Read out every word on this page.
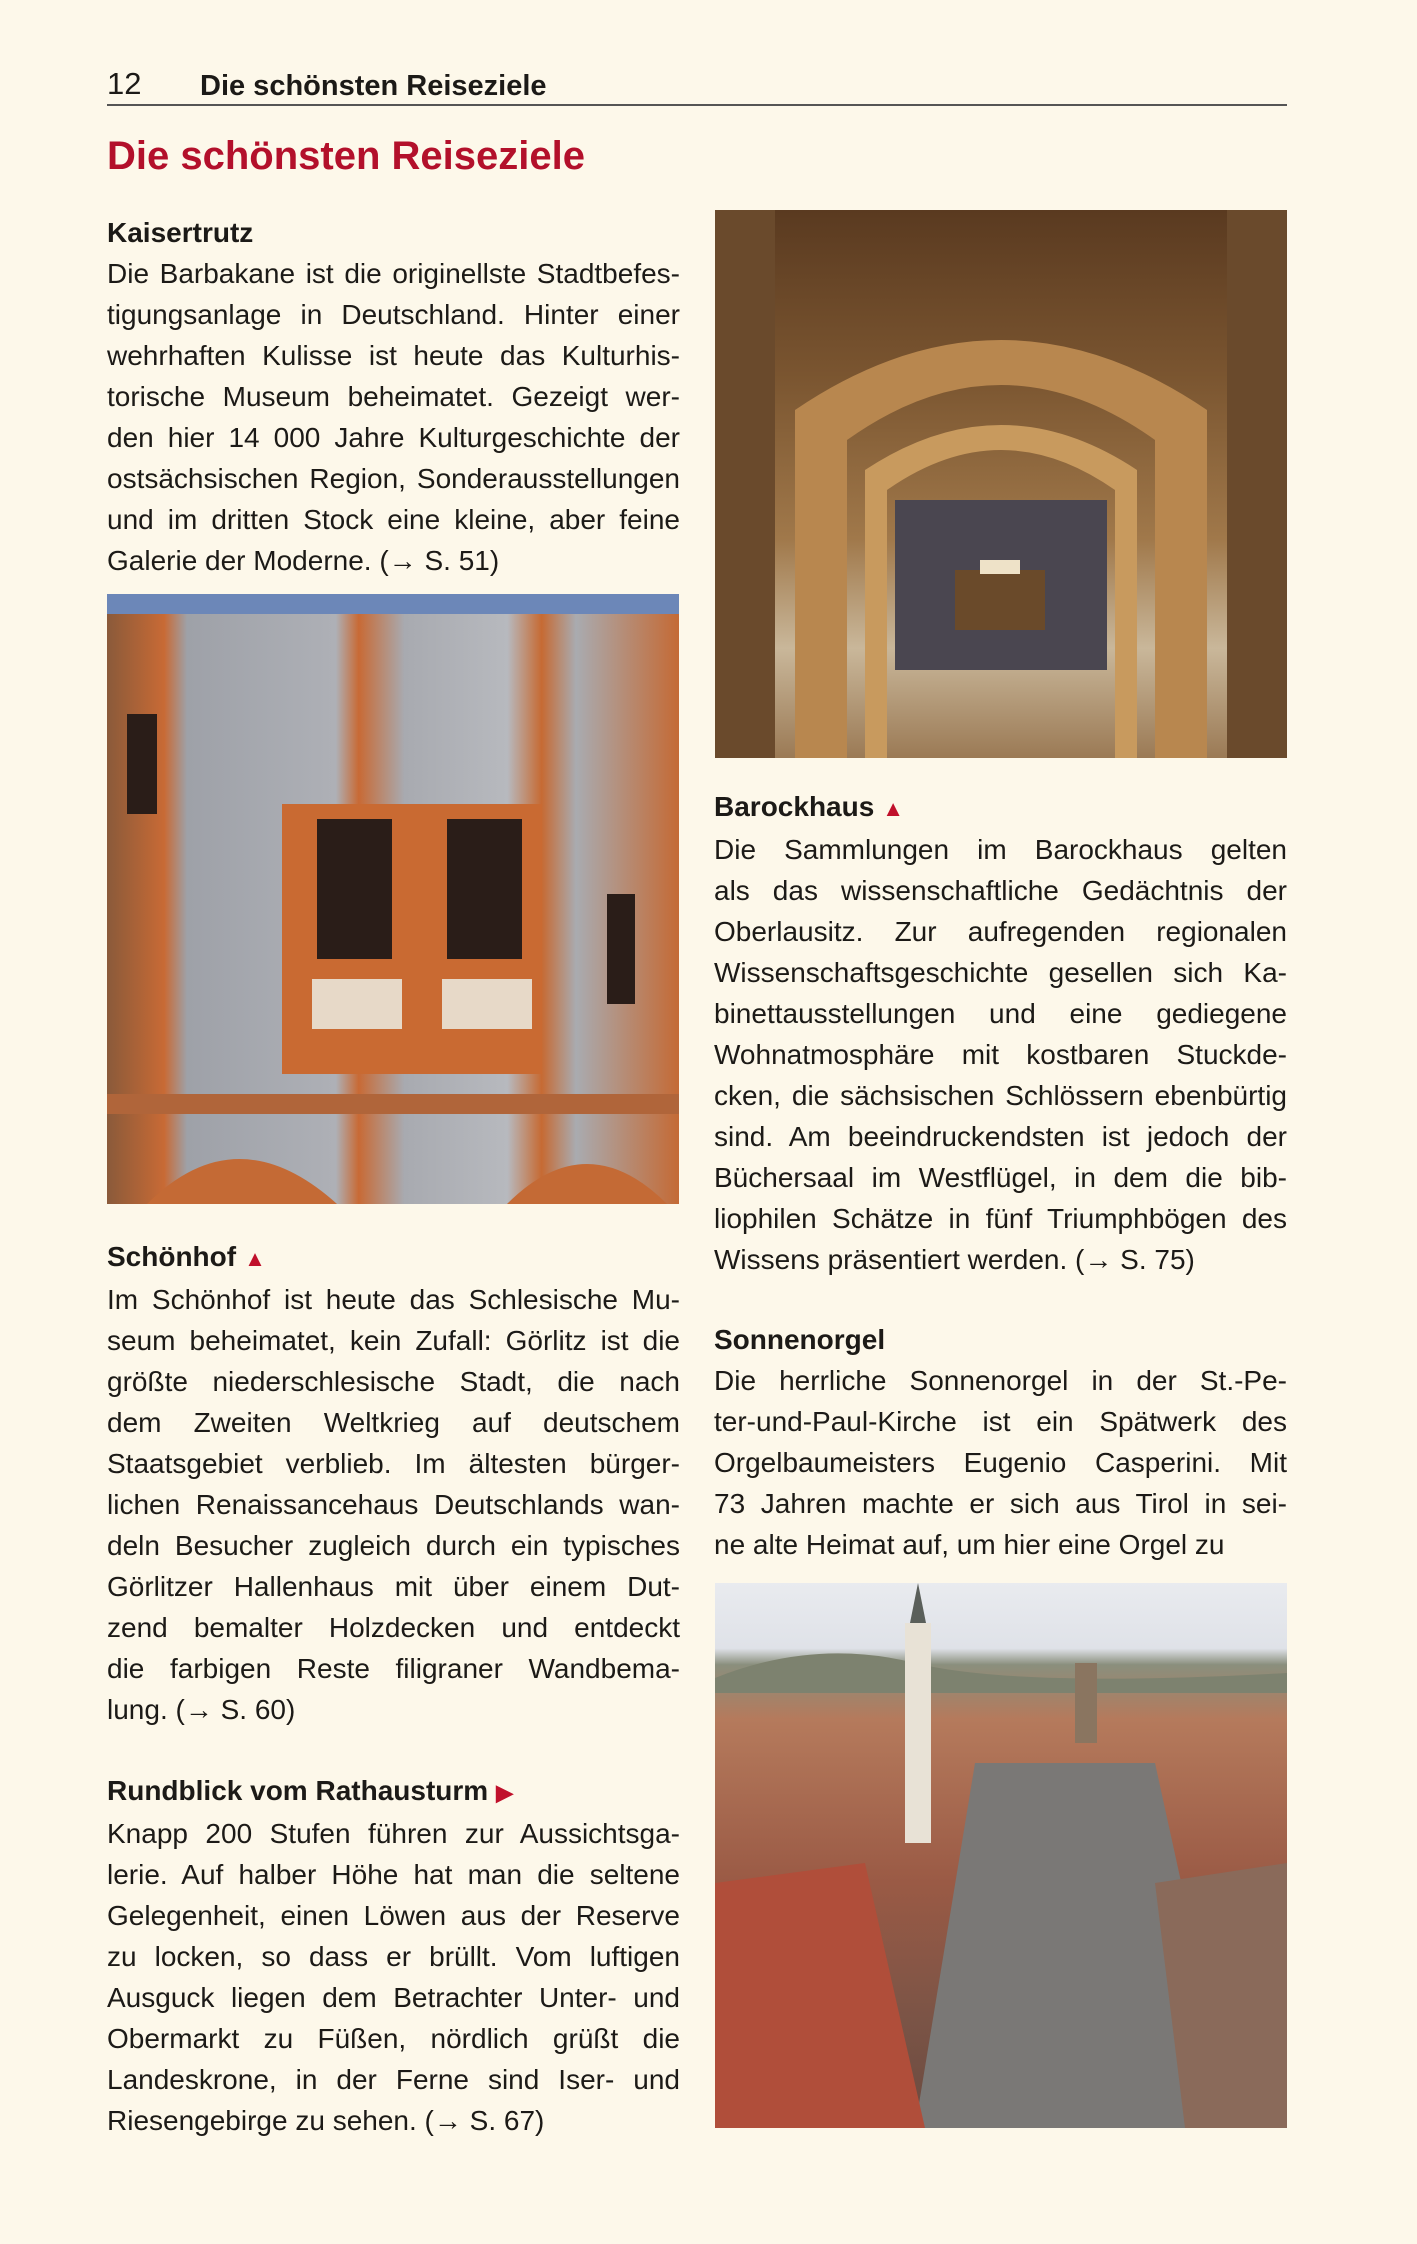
12 Die schönsten Reiseziele
Die schönsten Reiseziele
Kaisertrutz
Die Barbakane ist die originellste Stadtbefes-
tigungsanlage in Deutschland. Hinter einer
wehrhaften Kulisse ist heute das Kulturhis-
torische Museum beheimatet. Gezeigt wer-
den hier 14 000 Jahre Kulturgeschichte der
ostsächsischen Region, Sonderausstellungen
und im dritten Stock eine kleine, aber feine
Galerie der Moderne. (→ S. 51)
Schönhof ▲
Im Schönhof ist heute das Schlesische Mu-
seum beheimatet, kein Zufall: Görlitz ist die
größte niederschlesische Stadt, die nach
dem Zweiten Weltkrieg auf deutschem
Staatsgebiet verblieb. Im ältesten bürger-
lichen Renaissancehaus Deutschlands wan-
deln Besucher zugleich durch ein typisches
Görlitzer Hallenhaus mit über einem Dut-
zend bemalter Holzdecken und entdeckt
die farbigen Reste filigraner Wandbema-
lung. (→ S. 60)
Rundblick vom Rathausturm ▶
Knapp 200 Stufen führen zur Aussichtsga-
lerie. Auf halber Höhe hat man die seltene
Gelegenheit, einen Löwen aus der Reserve
zu locken, so dass er brüllt. Vom luftigen
Ausguck liegen dem Betrachter Unter- und
Obermarkt zu Füßen, nördlich grüßt die
Landeskrone, in der Ferne sind Iser- und
Riesengebirge zu sehen. (→ S. 67)
Barockhaus ▲
Die Sammlungen im Barockhaus gelten
als das wissenschaftliche Gedächtnis der
Oberlausitz. Zur aufregenden regionalen
Wissenschaftsgeschichte gesellen sich Ka-
binettausstellungen und eine gediegene
Wohnatmosphäre mit kostbaren Stuckde-
cken, die sächsischen Schlössern ebenbürtig
sind. Am beeindruckendsten ist jedoch der
Büchersaal im Westflügel, in dem die bib-
liophilen Schätze in fünf Triumphbögen des
Wissens präsentiert werden. (→ S. 75)
Sonnenorgel
Die herrliche Sonnenorgel in der St.-Pe-
ter-und-Paul-Kirche ist ein Spätwerk des
Orgelbaumeisters Eugenio Casperini. Mit
73 Jahren machte er sich aus Tirol in sei-
ne alte Heimat auf, um hier eine Orgel zu
